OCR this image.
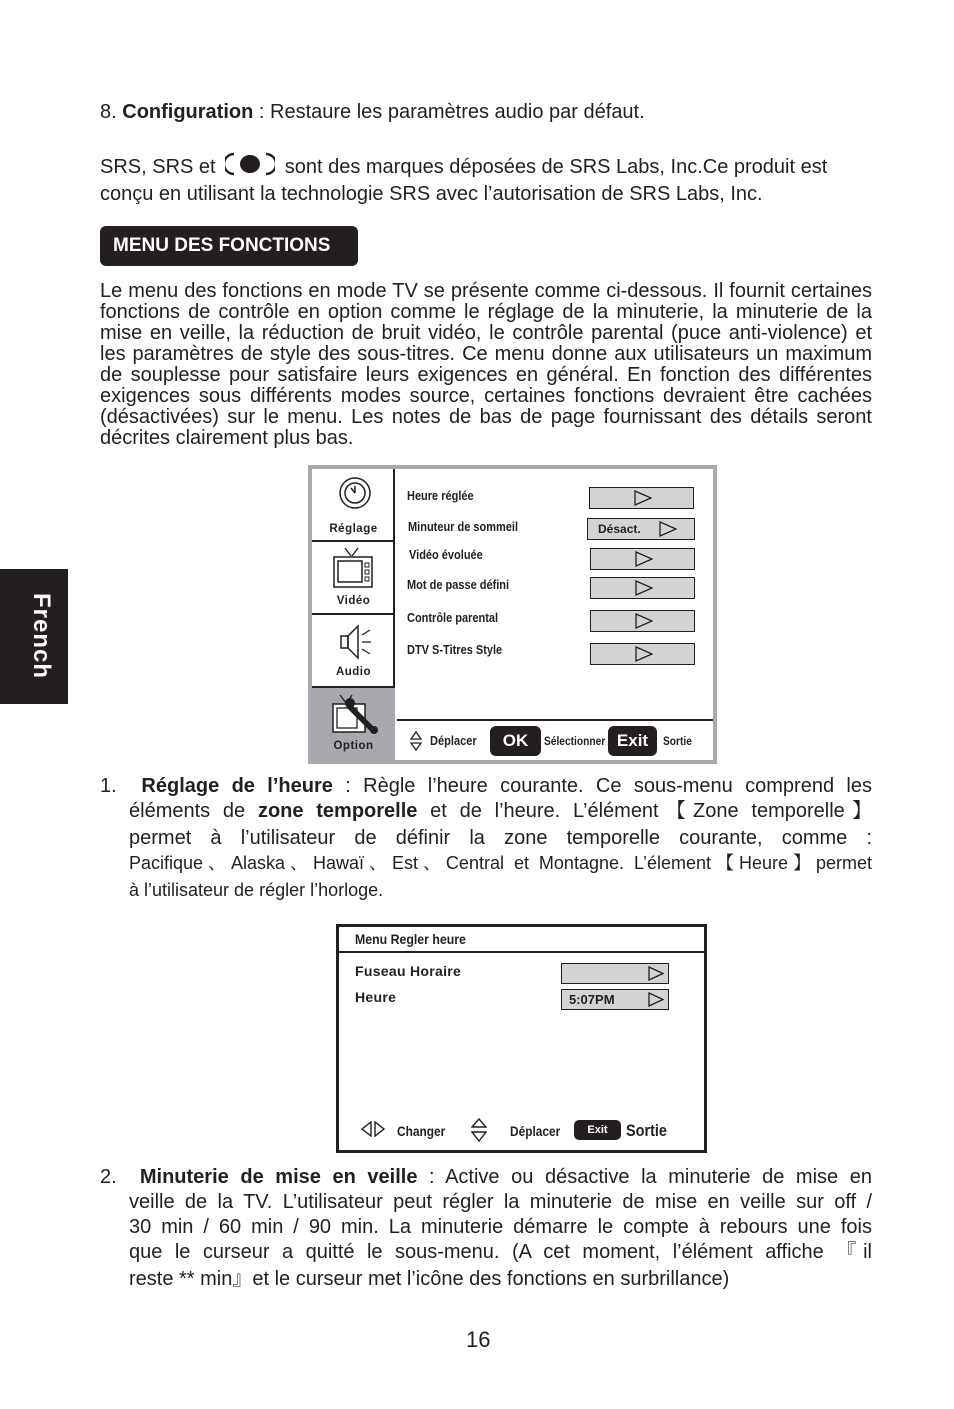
8. Configuration : Restaure les paramètres audio par défaut.
SRS, SRS et	sont des marques déposées de SRS Labs, Inc.Ce produit est
conçu en utilisant la technologie SRS avec l’autorisation de SRS Labs, Inc.
MENU DES FONCTIONS
Le menu des fonctions en mode TV se présente comme ci-dessous. Il fournit certaines fonctions de contrôle en option comme le réglage de la minuterie, la minuterie de la mise en veille, la réduction de bruit vidéo, le contrôle parental (puce anti-violence) et les paramètres de style des sous-titres. Ce menu donne aux utilisateurs un maximum de souplesse pour satisfaire leurs exigences en général. En fonction des différentes exigences sous différents modes source, certaines fonctions devraient être cachées (désactivées) sur le menu. Les notes de bas de page fournissant des détails seront décrites clairement plus bas.
French
Réglage
Vidéo
Audio
Option
Heure réglée
Minuteur de sommeil	Désact.
Vidéo évoluée
Mot de passe défini
Contrôle parental
DTV S-Titres Style
Déplacer	OK	Sélectionner Exit	Sortie
1. Réglage de l’heure : Règle l’heure courante. Ce sous-menu comprend les
éléments de zone temporelle et de l’heure. L’élément【Zone temporelle】
permet à l’utilisateur de définir la zone temporelle courante, comme :
Pacifique、Alaska、Hawaï、Est、Central et Montagne. L’élement【Heure】permet
à l’utilisateur de régler l’horloge.
Menu Regler heure
Fuseau Horaire
Heure	5:07PM
Changer	Déplacer	Exit	Sortie
2. Minuterie de mise en veille : Active ou désactive la minuterie de mise en
veille de la TV. L’utilisateur peut régler la minuterie de mise en veille sur off /
30 min / 60 min / 90 min. La minuterie démarre le compte à rebours une fois
que le curseur a quitté le sous-menu. (A cet moment, l’élément affiche 『il
reste ** min』et le curseur met l’icône des fonctions en surbrillance)
16
